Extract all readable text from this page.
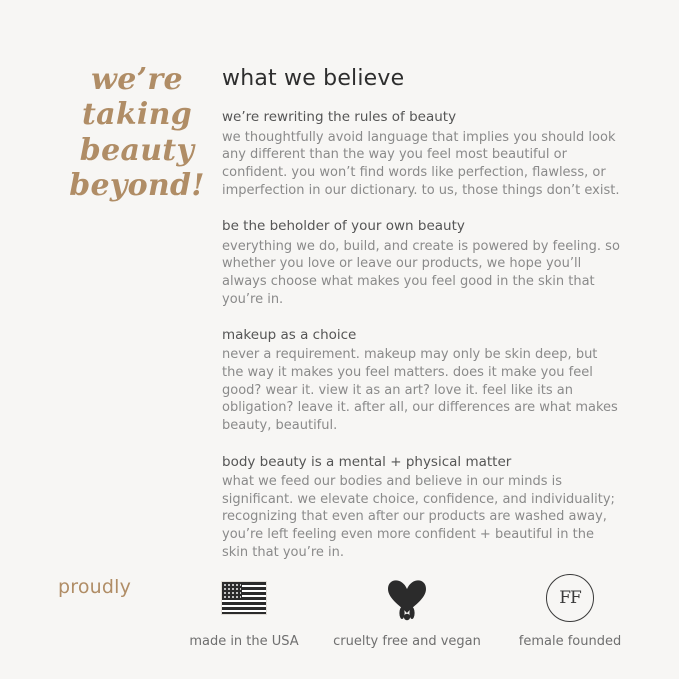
we’re
taking
beauty
beyond!
what we believe
we’re rewriting the rules of beauty

we thoughtfully avoid language that implies you should look any different than the way you feel most beautiful or confident. you won’t find words like perfection, flawless, or imperfection in our dictionary. to us, those things don’t exist.

be the beholder of your own beauty

everything we do, build, and create is powered by feeling. so whether you love or leave our products, we hope you’ll always choose what makes you feel good in the skin that you’re in.

makeup as a choice

never a requirement. makeup may only be skin deep, but the way it makes you feel matters. does it make you feel good? wear it. view it as an art? love it. feel like its an obligation? leave it. after all, our differences are what makes beauty, beautiful.

body beauty is a mental + physical matter

what we feed our bodies and believe in our minds is significant. we elevate choice, confidence, and individuality; recognizing that even after our products are washed away, you’re left feeling even more confident + beautiful in the skin that you’re in.

proudly
made in the USA	cruelty free and vegan
FF
female founded
